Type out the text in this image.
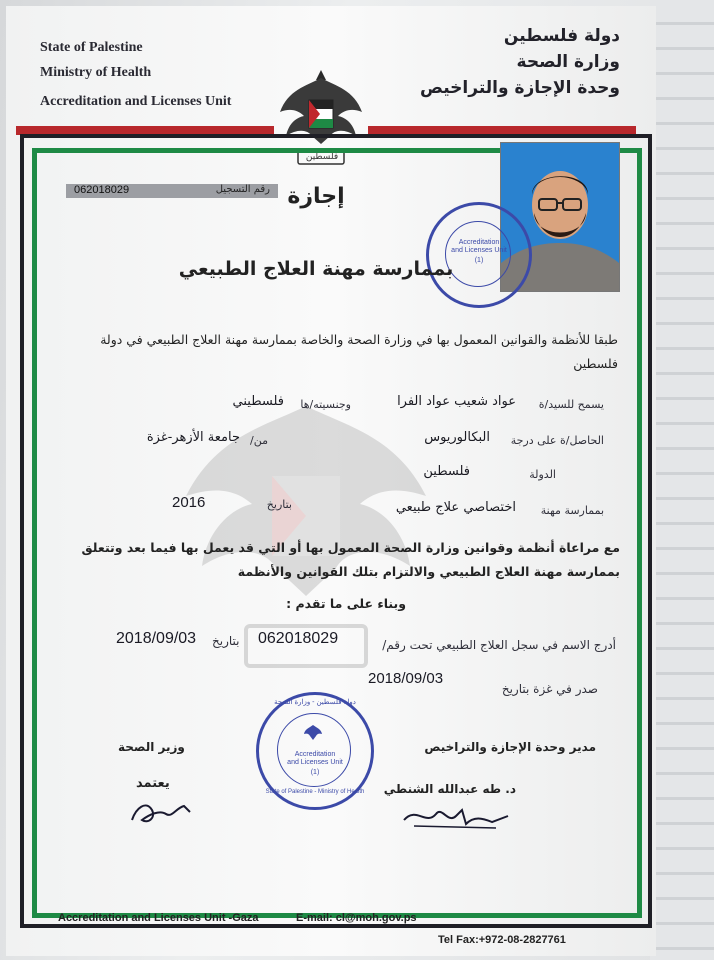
State of Palestine
Ministry of Health
Accreditation and Licenses Unit
دولة فلسطين
وزارة الصحة
وحدة الإجازة والتراخيص
فلسطين
Accreditation
and Licenses Unit
(1)
062018029	رقم التسجيل إجازة
بممارسة مهنة العلاج الطبيعي
طبقا للأنظمة والقوانين المعمول بها في وزارة الصحة والخاصة بممارسة مهنة العلاج الطبيعي في دولة فلسطين
يسمح للسيد/ة
عواد شعيب عواد الفرا
وجنسيته/ها
فلسطيني
الحاصل/ة على درجة
البكالوريوس
من/
جامعة الأزهر-غزة
الدولة
فلسطين
بممارسة مهنة
اختصاصي علاج طبيعي
بتاريخ
2016
مع مراعاة أنظمة وقوانين وزارة الصحة المعمول بها أو التي قد يعمل بها فيما بعد وتتعلق بممارسة مهنة العلاج الطبيعي والالتزام بتلك القوانين والأنظمة
وبناء على ما تقدم :
أدرج الاسم في سجل العلاج الطبيعي تحت رقم/
062018029
بتاريخ
2018/09/03
صدر في غزة بتاريخ
2018/09/03
مدير وحدة الإجازة والتراخيص
د. طه عبدالله الشنطي
وزير الصحة
يعتمد
Accreditation
and Licenses Unit
(1)
State of Palestine - Ministry of Health
دولة فلسطين - وزارة الصحة
Accreditation and Licenses Unit -Gaza	E-mail: cl@moh.gov.ps
Tel Fax:+972-08-2827761
